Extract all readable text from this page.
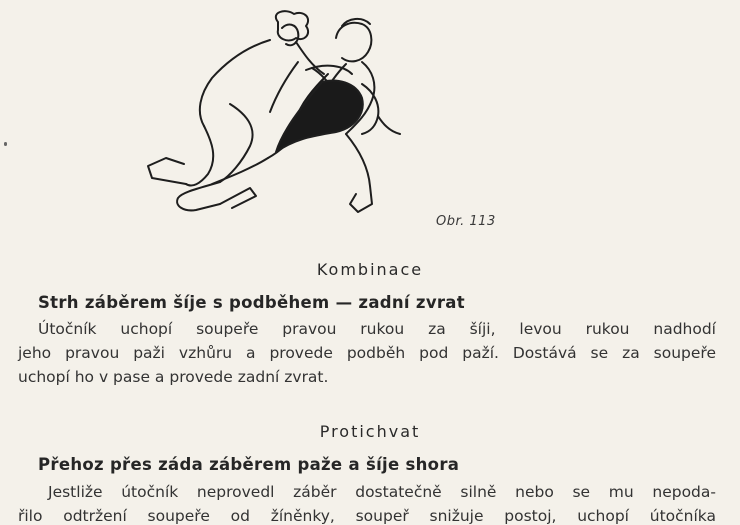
Obr. 113
Kombinace
Strh záběrem šíje s podběhem — zadní zvrat
Útočník uchopí soupeře pravou rukou za šíji, levou rukou nadhodí
jeho pravou paži vzhůru a provede podběh pod paží. Dostává se za soupeře
uchopí ho v pase a provede zadní zvrat.
Protichvat
Přehoz přes záda záběrem paže a šíje shora
Jestliže útočník neprovedl záběr dostatečně silně nebo se mu nepoda-
řilo odtržení soupeře od žíněnky, soupeř snižuje postoj, uchopí útočníka
